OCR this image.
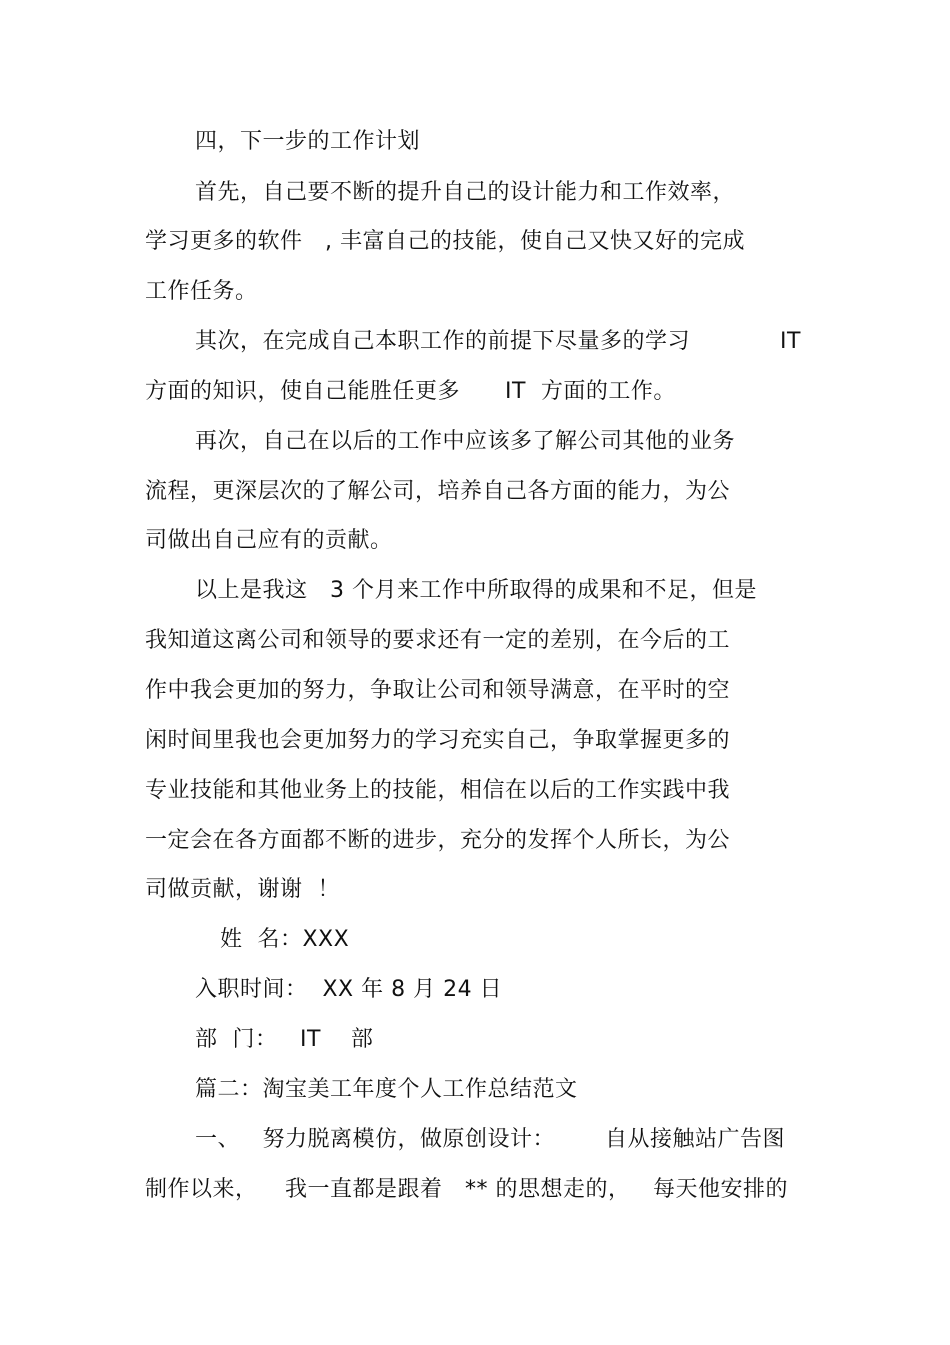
四，下一步的工作计划
首先，自己要不断的提升自己的设计能力和工作效率，
学习更多的软件   , 丰富自己的技能，使自己又快又好的完成
工作任务。
其次，在完成自己本职工作的前提下尽量多的学习	IT
方面的知识，使自己能胜任更多      IT  方面的工作。
再次，自己在以后的工作中应该多了解公司其他的业务
流程，更深层次的了解公司，培养自己各方面的能力，为公
司做出自己应有的贡献。
以上是我这   3 个月来工作中所取得的成果和不足，但是
我知道这离公司和领导的要求还有一定的差别，在今后的工
作中我会更加的努力，争取让公司和领导满意，在平时的空
闲时间里我也会更加努力的学习充实自己，争取掌握更多的
专业技能和其他业务上的技能，相信在以后的工作实践中我
一定会在各方面都不断的进步，充分的发挥个人所长，为公
司做贡献，谢谢  ！
姓  名：XXX
入职时间：  XX 年 8 月 24 日
部  门：   IT    部
篇二：淘宝美工年度个人工作总结范文
一、   努力脱离模仿，做原创设计： 自从接触站广告图
制作以来， 我一直都是跟着   ** 的思想走的， 每天他安排的
